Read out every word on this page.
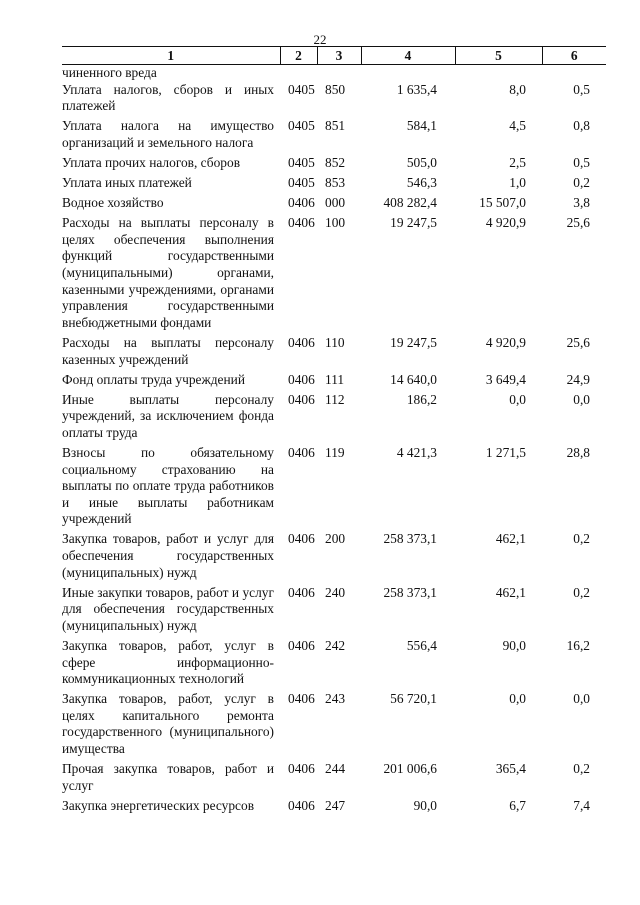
22
1	2	3	4	5	6
чиненного вреда					
Уплата налогов, сборов и иных платежей	0405	850	1 635,4	8,0	0,5
Уплата налога на имущество организаций и земельного налога	0405	851	584,1	4,5	0,8
Уплата прочих налогов, сборов	0405	852	505,0	2,5	0,5
Уплата иных платежей	0405	853	546,3	1,0	0,2
Водное хозяйство	0406	000	408 282,4	15 507,0	3,8
Расходы на выплаты персоналу в целях обеспечения выполнения функций государственными (муниципальными) органами, казенными учреждениями, органами управления государственными внебюджетными фондами	0406	100	19 247,5	4 920,9	25,6
Расходы на выплаты персоналу казенных учреждений	0406	110	19 247,5	4 920,9	25,6
Фонд оплаты труда учреждений	0406	111	14 640,0	3 649,4	24,9
Иные выплаты персоналу учреждений, за исключением фонда оплаты труда	0406	112	186,2	0,0	0,0
Взносы по обязательному социальному страхованию на выплаты по оплате труда работников и иные выплаты работникам учреждений	0406	119	4 421,3	1 271,5	28,8
Закупка товаров, работ и услуг для обеспечения государственных (муниципальных) нужд	0406	200	258 373,1	462,1	0,2
Иные закупки товаров, работ и услуг для обеспечения государственных (муниципальных) нужд	0406	240	258 373,1	462,1	0,2
Закупка товаров, работ, услуг в сфере информационно-коммуникационных технологий	0406	242	556,4	90,0	16,2
Закупка товаров, работ, услуг в целях капитального ремонта государственного (муниципального) имущества	0406	243	56 720,1	0,0	0,0
Прочая закупка товаров, работ и услуг	0406	244	201 006,6	365,4	0,2
Закупка энергетических ресурсов	0406	247	90,0	6,7	7,4
